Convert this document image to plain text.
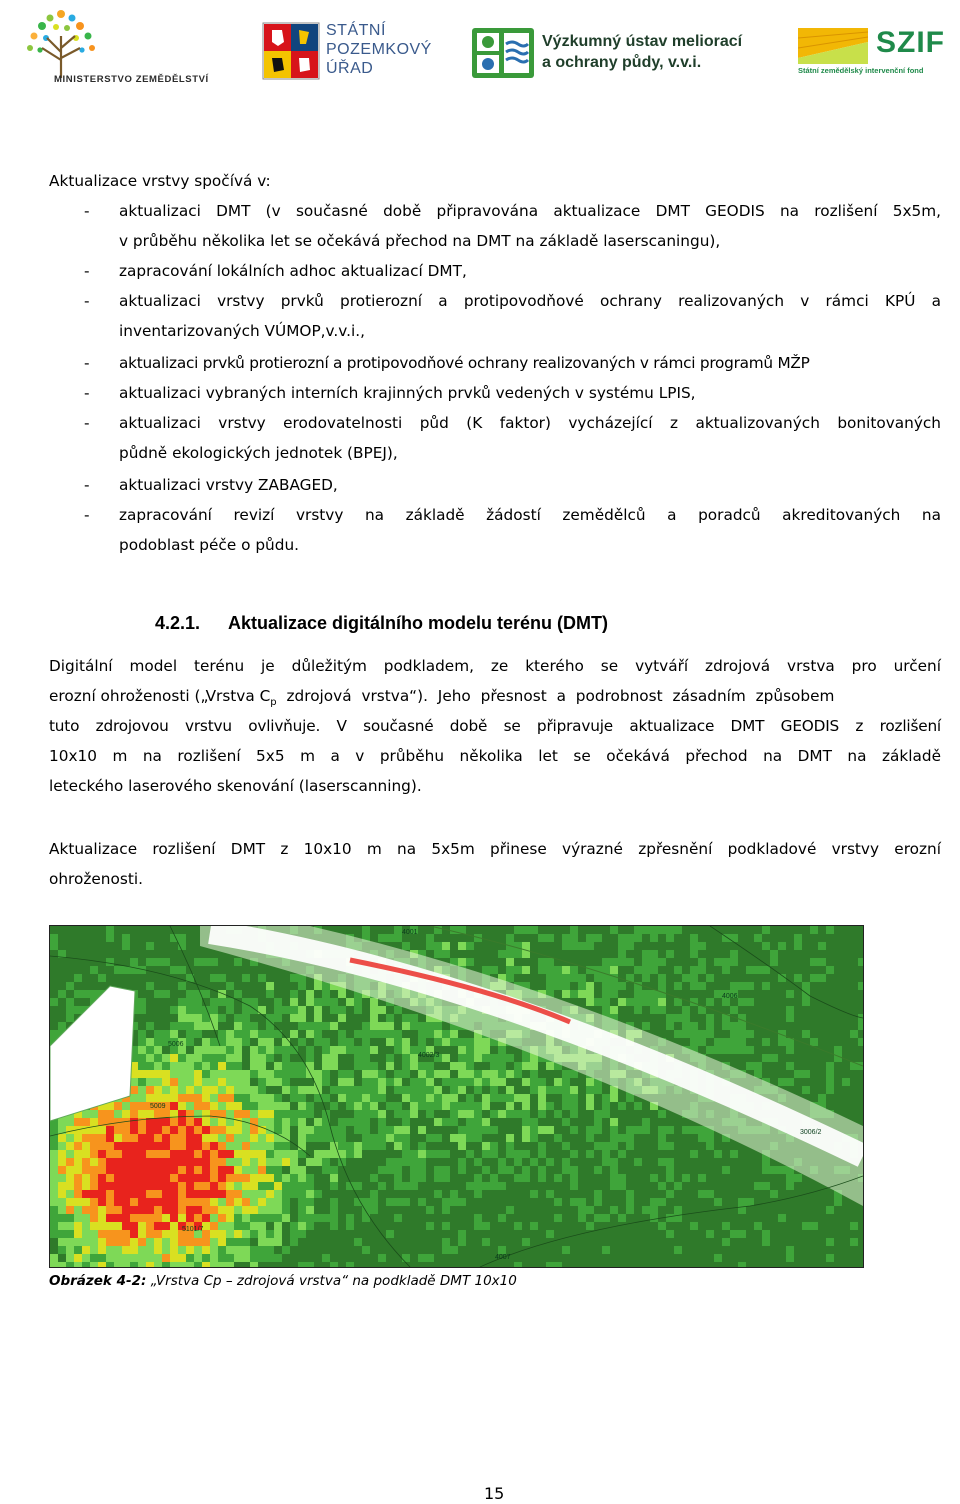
MINISTERSTVO ZEMĚDĚLSTVÍ
STÁTNÍ
POZEMKOVÝ
ÚŘAD
Výzkumný ústav meliorací
a ochrany půdy, v.v.i.
SZIF
Státní zemědělský intervenční fond
Aktualizace vrstvy spočívá v:
- aktualizaci DMT (v současné době připravována aktualizace DMT GEODIS na rozlišení 5x5m,
v průběhu několika let se očekává přechod na DMT na základě laserscaningu),
- zapracování lokálních adhoc aktualizací DMT,
- aktualizaci vrstvy prvků protierozní a protipovodňové ochrany realizovaných v rámci KPÚ a
inventarizovaných VÚMOP,v.v.i.,
- aktualizaci prvků protierozní a protipovodňové ochrany realizovaných v rámci programů MŽP
- aktualizaci vybraných interních krajinných prvků vedených v systému LPIS,
- aktualizaci vrstvy erodovatelnosti půd (K faktor) vycházející z aktualizovaných bonitovaných
půdně ekologických jednotek (BPEJ),
- aktualizaci vrstvy ZABAGED,
- zapracování revizí vrstvy na základě žádostí zemědělců a poradců akreditovaných na
podoblast péče o půdu.
4.2.1. Aktualizace digitálního modelu terénu (DMT)
Digitální model terénu je důležitým podkladem, ze kterého se vytváří zdrojová vrstva pro určení
erozní ohroženosti („Vrstva $C_p$ zdrojová vrstva“). Jeho přesnost a podrobnost zásadním způsobem
tuto zdrojovou vrstvu ovlivňuje. V současné době se připravuje aktualizace DMT GEODIS z rozlišení
10x10 m na rozlišení 5x5 m a v průběhu několika let se očekává přechod na DMT na základě
leteckého laserového skenování (laserscanning).
Aktualizace rozlišení DMT z 10x10 m na 5x5m přinese výrazné zpřesnění podkladové vrstvy erozní
ohroženosti.
4001
4006
5006
4002/3
5009
3006/2
5101/7
4007
Obrázek 4-2: „Vrstva Cp – zdrojová vrstva“ na podkladě DMT 10x10
15
